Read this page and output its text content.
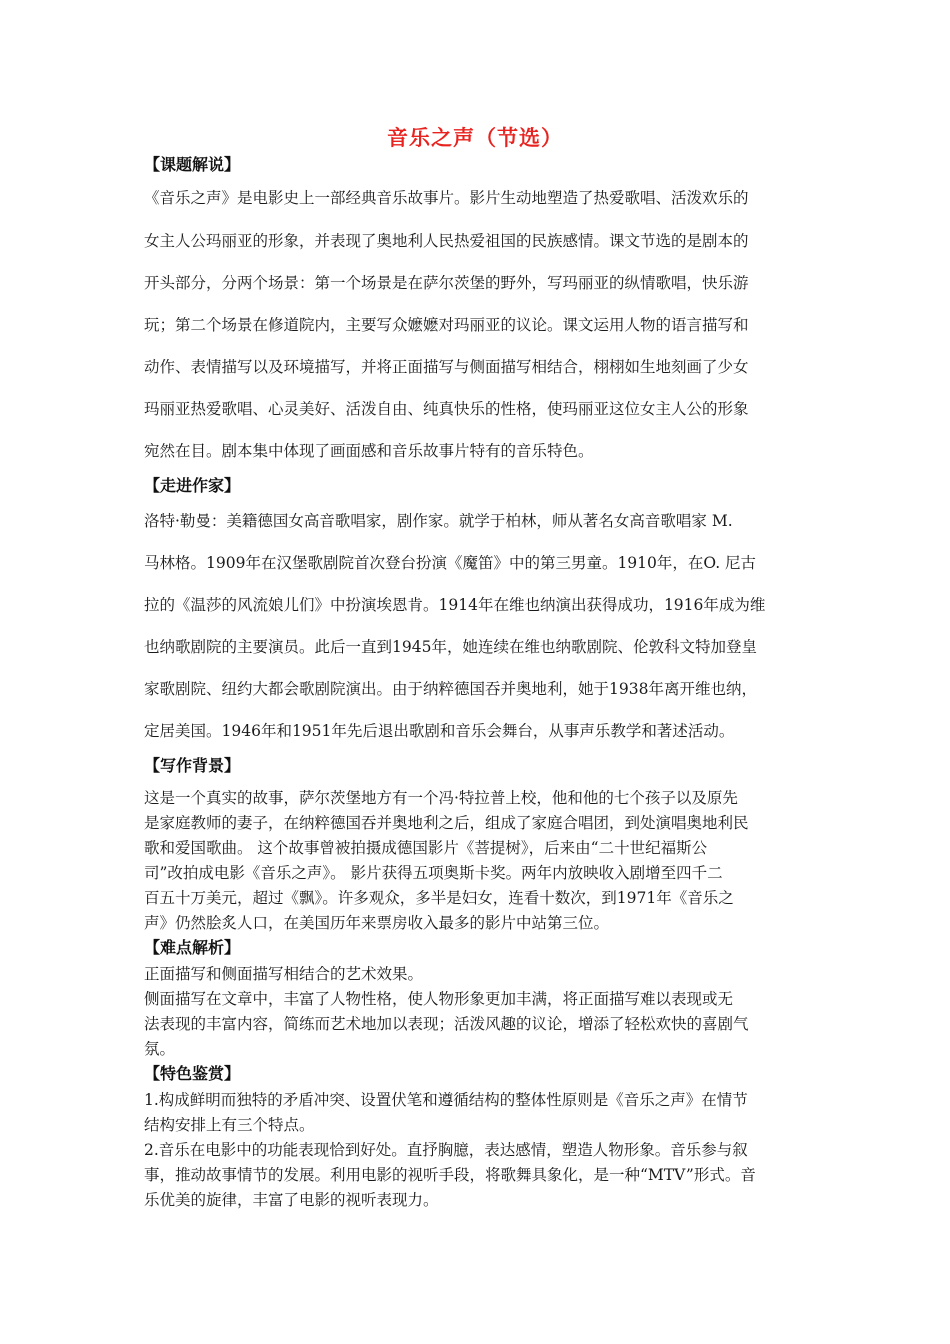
音乐之声（节选）
【课题解说】
《音乐之声》是电影史上一部经典音乐故事片。影片生动地塑造了热爱歌唱、活泼欢乐的
女主人公玛丽亚的形象，并表现了奥地利人民热爱祖国的民族感情。课文节选的是剧本的
开头部分，分两个场景：第一个场景是在萨尔茨堡的野外，写玛丽亚的纵情歌唱，快乐游
玩；第二个场景在修道院内，主要写众嬷嬷对玛丽亚的议论。课文运用人物的语言描写和
动作、表情描写以及环境描写，并将正面描写与侧面描写相结合，栩栩如生地刻画了少女
玛丽亚热爱歌唱、心灵美好、活泼自由、纯真快乐的性格，使玛丽亚这位女主人公的形象
宛然在目。剧本集中体现了画面感和音乐故事片特有的音乐特色。
【走进作家】
洛特·勒曼：美籍德国女高音歌唱家，剧作家。就学于柏林，师从著名女高音歌唱家 M.
马林格。1909年在汉堡歌剧院首次登台扮演《魔笛》中的第三男童。1910年，在O. 尼古
拉的《温莎的风流娘儿们》中扮演埃恩肯。1914年在维也纳演出获得成功，1916年成为维
也纳歌剧院的主要演员。此后一直到1945年，她连续在维也纳歌剧院、伦敦科文特加登皇
家歌剧院、纽约大都会歌剧院演出。由于纳粹德国吞并奥地利，她于1938年离开维也纳，
定居美国。1946年和1951年先后退出歌剧和音乐会舞台，从事声乐教学和著述活动。
【写作背景】
这是一个真实的故事，萨尔茨堡地方有一个冯·特拉普上校，他和他的七个孩子以及原先
是家庭教师的妻子，在纳粹德国吞并奥地利之后，组成了家庭合唱团，到处演唱奥地利民
歌和爱国歌曲。 这个故事曾被拍摄成德国影片《菩提树》，后来由“二十世纪福斯公
司”改拍成电影《音乐之声》。 影片获得五项奥斯卡奖。两年内放映收入剧增至四千二
百五十万美元，超过《飘》。许多观众，多半是妇女，连看十数次，到1971年《音乐之
声》仍然脍炙人口，在美国历年来票房收入最多的影片中站第三位。
【难点解析】
正面描写和侧面描写相结合的艺术效果。
侧面描写在文章中，丰富了人物性格，使人物形象更加丰满，将正面描写难以表现或无
法表现的丰富内容，简练而艺术地加以表现；活泼风趣的议论，增添了轻松欢快的喜剧气
氛。
【特色鉴赏】
1.构成鲜明而独特的矛盾冲突、设置伏笔和遵循结构的整体性原则是《音乐之声》在情节
结构安排上有三个特点。
2.音乐在电影中的功能表现恰到好处。直抒胸臆，表达感情，塑造人物形象。音乐参与叙
事，推动故事情节的发展。利用电影的视听手段，将歌舞具象化，是一种“MTV”形式。音
乐优美的旋律，丰富了电影的视听表现力。
